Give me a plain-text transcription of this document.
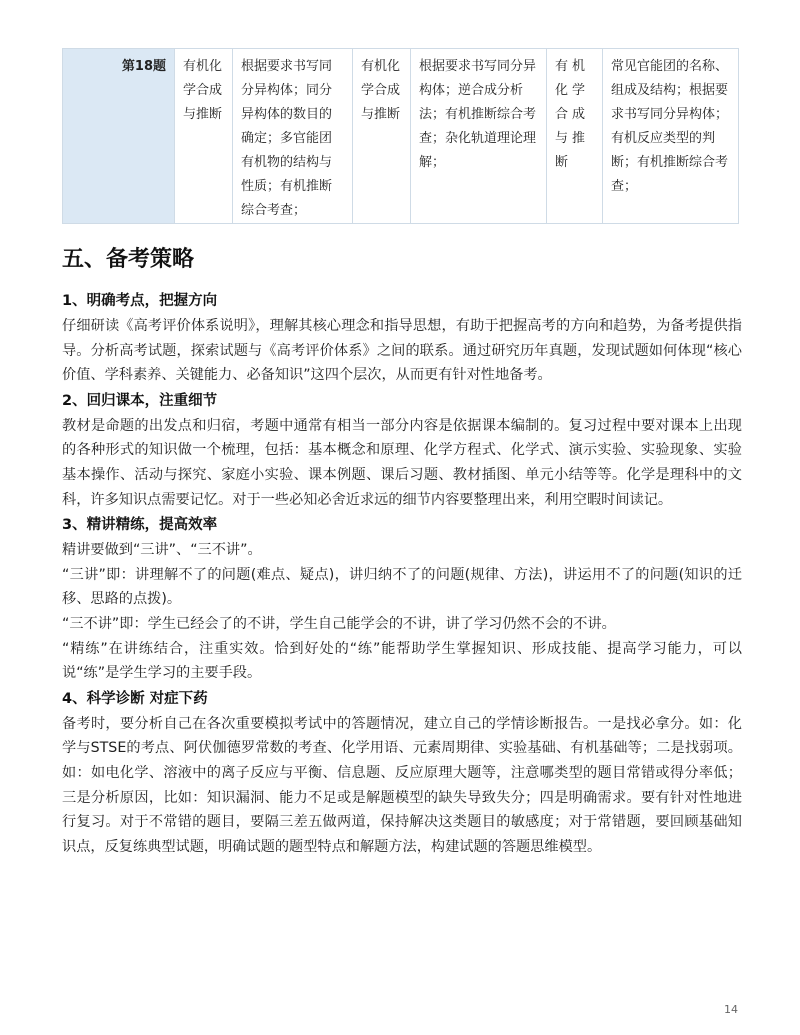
第18题	有机化学合成与推断	根据要求书写同分异构体；同分异构体的数目的确定；多官能团有机物的结构与性质；有机推断综合考查；	有机化学合成与推断	根据要求书写同分异构体；逆合成分析法；有机推断综合考查；杂化轨道理论理解；	有机化学合成与推断	常见官能团的名称、组成及结构；根据要求书写同分异构体；有机反应类型的判断；有机推断综合考查；
五、备考策略

1、明确考点，把握方向

仔细研读《高考评价体系说明》，理解其核心理念和指导思想，有助于把握高考的方向和趋势，为备考提供指导。分析高考试题，探索试题与《高考评价体系》之间的联系。通过研究历年真题，发现试题如何体现“核心价值、学科素养、关键能力、必备知识”这四个层次，从而更有针对性地备考。

2、回归课本，注重细节

教材是命题的出发点和归宿，考题中通常有相当一部分内容是依据课本编制的。复习过程中要对课本上出现的各种形式的知识做一个梳理，包括：基本概念和原理、化学方程式、化学式、演示实验、实验现象、实验基本操作、活动与探究、家庭小实验、课本例题、课后习题、教材插图、单元小结等等。化学是理科中的文科，许多知识点需要记忆。对于一些必知必舍近求远的细节内容要整理出来，利用空暇时间读记。

3、精讲精练，提高效率

精讲要做到“三讲”、“三不讲”。

“三讲”即：讲理解不了的问题(难点、疑点)，讲归纳不了的问题(规律、方法)，讲运用不了的问题(知识的迁移、思路的点拨)。

“三不讲”即：学生已经会了的不讲，学生自己能学会的不讲，讲了学习仍然不会的不讲。

“精练”在讲练结合，注重实效。恰到好处的“练”能帮助学生掌握知识、形成技能、提高学习能力，可以说“练”是学生学习的主要手段。

4、科学诊断 对症下药

备考时，要分析自己在各次重要模拟考试中的答题情况，建立自己的学情诊断报告。一是找必拿分。如：化学与STSE的考点、阿伏伽德罗常数的考查、化学用语、元素周期律、实验基础、有机基础等；二是找弱项。如：如电化学、溶液中的离子反应与平衡、信息题、反应原理大题等，注意哪类型的题目常错或得分率低；三是分析原因，比如：知识漏洞、能力不足或是解题模型的缺失导致失分；四是明确需求。要有针对性地进行复习。对于不常错的题目，要隔三差五做两道，保持解决这类题目的敏感度；对于常错题，要回顾基础知识点，反复练典型试题，明确试题的题型特点和解题方法，构建试题的答题思维模型。

14
